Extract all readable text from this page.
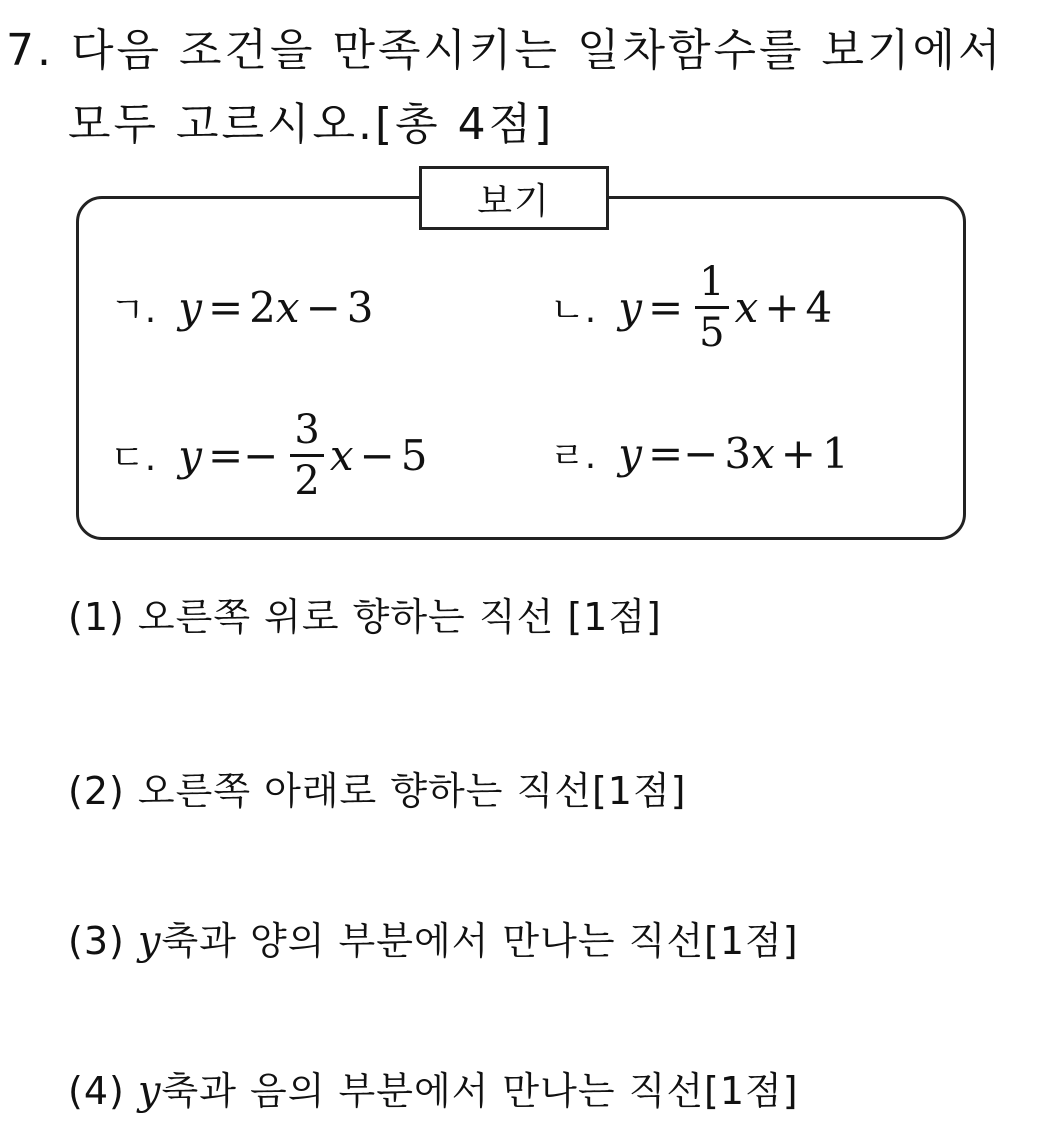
7. 다음 조건을 만족시키는 일차함수를 보기에서
모두 고르시오.[총 4점]
보기
ㄱ. y = 2 x − 3	ㄴ. $y = \frac{1}{5}$ x + 4
ㄷ. $y =- \frac{3}{2}$ x − 5	ㄹ. y =− 3 x + 1
(1) 오른쪽 위로 향하는 직선 [1점]
(2) 오른쪽 아래로 향하는 직선[1점]
(3) y축과 양의 부분에서 만나는 직선[1점]
(4) y축과 음의 부분에서 만나는 직선[1점]
